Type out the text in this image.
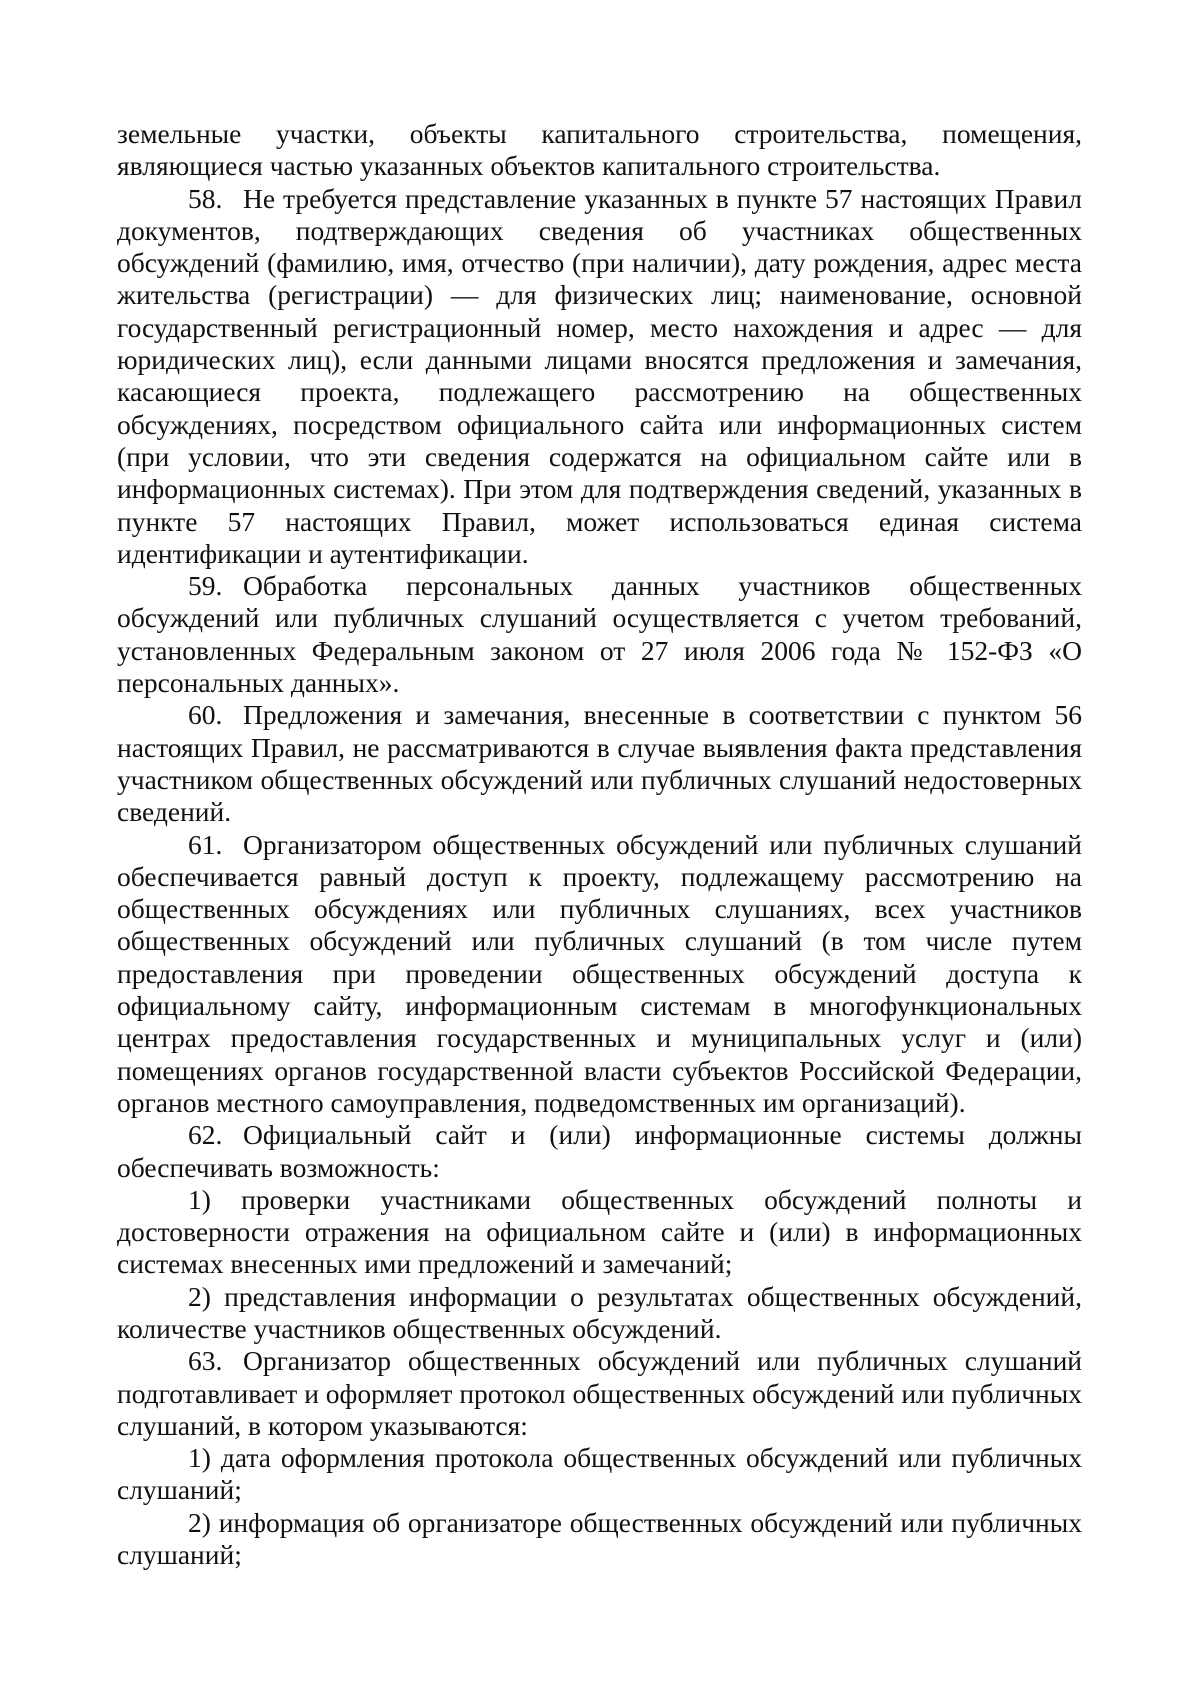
земельные участки, объекты капитального строительства, помещения, являющиеся частью указанных объектов капитального строительства.

58. Не требуется представление указанных в пункте 57 настоящих Правил документов, подтверждающих сведения об участниках общественных обсуждений (фамилию, имя, отчество (при наличии), дату рождения, адрес места жительства (регистрации) — для физических лиц; наименование, основной государственный регистрационный номер, место нахождения и адрес — для юридических лиц), если данными лицами вносятся предложения и замечания, касающиеся проекта, подлежащего рассмотрению на общественных обсуждениях, посредством официального сайта или информационных систем (при условии, что эти сведения содержатся на официальном сайте или в информационных системах). При этом для подтверждения сведений, указанных в пункте 57 настоящих Правил, может использоваться единая система идентификации и аутентификации.

59. Обработка персональных данных участников общественных обсуждений или публичных слушаний осуществляется с учетом требований, установленных Федеральным законом от 27 июля 2006 года № 152-ФЗ «О персональных данных».

60. Предложения и замечания, внесенные в соответствии с пунктом 56 настоящих Правил, не рассматриваются в случае выявления факта представления участником общественных обсуждений или публичных слушаний недостоверных сведений.

61. Организатором общественных обсуждений или публичных слушаний обеспечивается равный доступ к проекту, подлежащему рассмотрению на общественных обсуждениях или публичных слушаниях, всех участников общественных обсуждений или публичных слушаний (в том числе путем предоставления при проведении общественных обсуждений доступа к официальному сайту, информационным системам в многофункциональных центрах предоставления государственных и муниципальных услуг и (или) помещениях органов государственной власти субъектов Российской Федерации, органов местного самоуправления, подведомственных им организаций).

62. Официальный сайт и (или) информационные системы должны обеспечивать возможность:

1) проверки участниками общественных обсуждений полноты и достоверности отражения на официальном сайте и (или) в информационных системах внесенных ими предложений и замечаний;

2) представления информации о результатах общественных обсуждений, количестве участников общественных обсуждений.

63. Организатор общественных обсуждений или публичных слушаний подготавливает и оформляет протокол общественных обсуждений или публичных слушаний, в котором указываются:

1) дата оформления протокола общественных обсуждений или публичных слушаний;

2) информация об организаторе общественных обсуждений или публичных слушаний;
